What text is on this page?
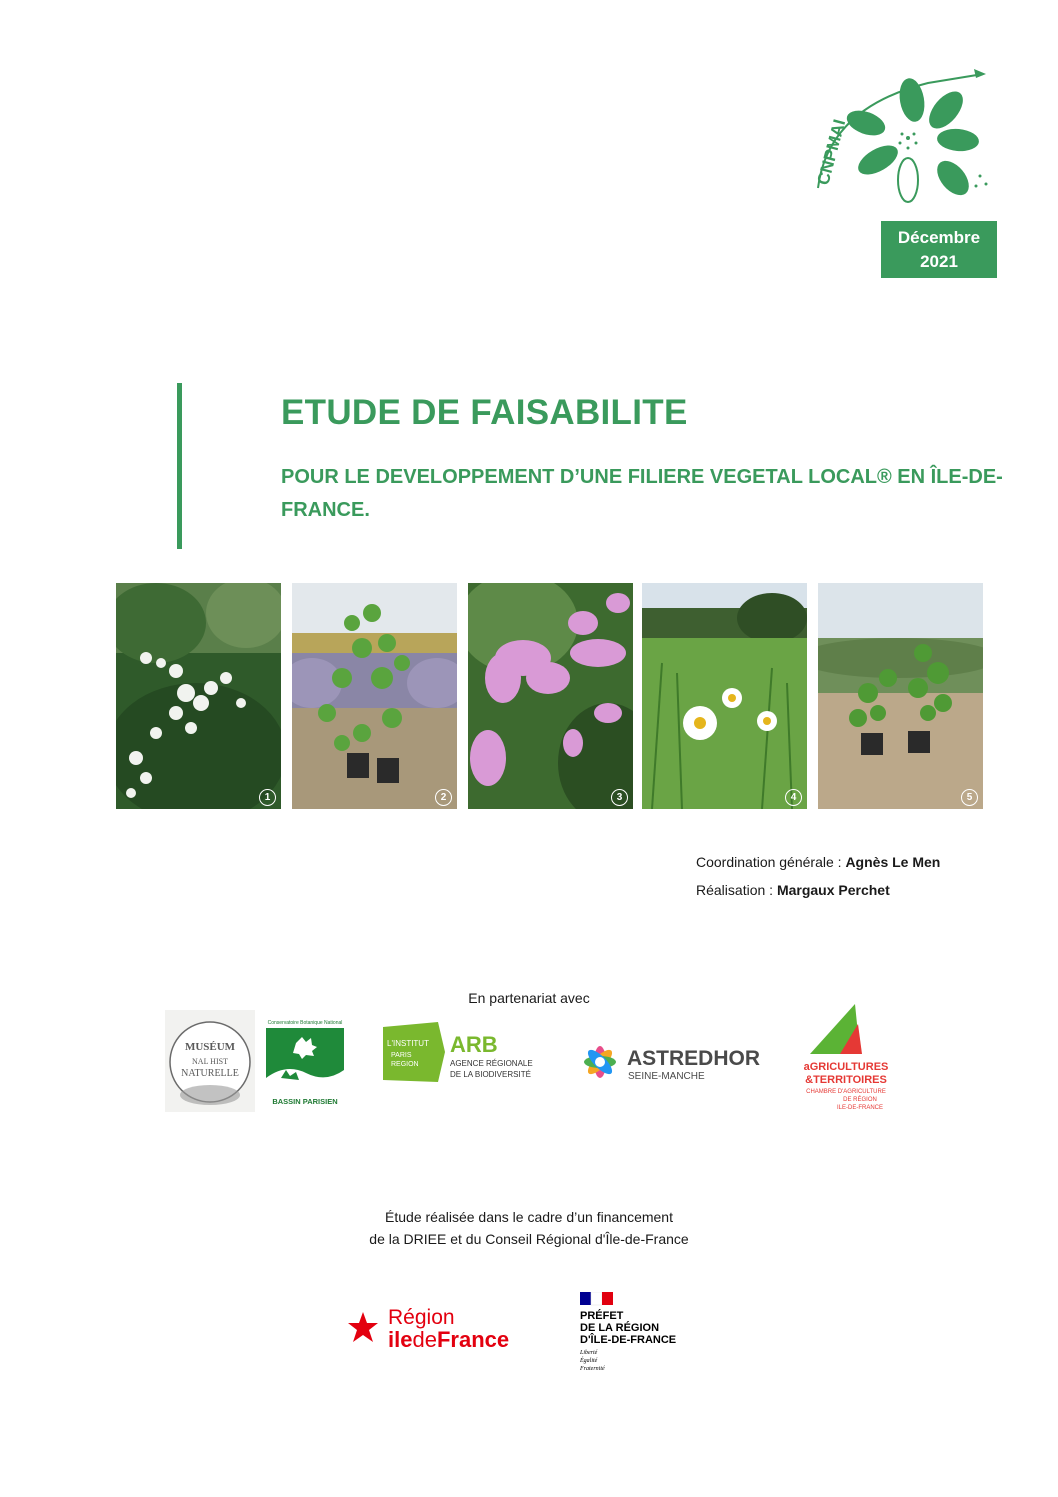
CNPMAI
Décembre
2021
ETUDE DE FAISABILITE
POUR LE DEVELOPPEMENT D’UNE FILIERE VEGETAL LOCAL® EN ÎLE-DE-FRANCE.
1	2	3	4	5
Coordination générale : Agnès Le Men
Réalisation : Margaux Perchet
En partenariat avec
MUSÉUM
NAL HIST
NATURELLE
Conservatoire Botanique National
BASSIN PARISIEN
L'INSTITUT
PARIS
REGION
ARB
AGENCE RÉGIONALE
DE LA BIODIVERSITÉ
ASTREDHOR
SEINE-MANCHE
aGRICULTURES
&TERRITOIRES
CHAMBRE D'AGRICULTURE
DE RÉGION
ILE-DE-FRANCE
Étude réalisée dans le cadre d’un financement
de la DRIEE et du Conseil Régional d'Île-de-France
Région
iledeFrance
PRÉFET
DE LA RÉGION
D'ÎLE-DE-FRANCE
Liberté
Égalité
Fraternité
